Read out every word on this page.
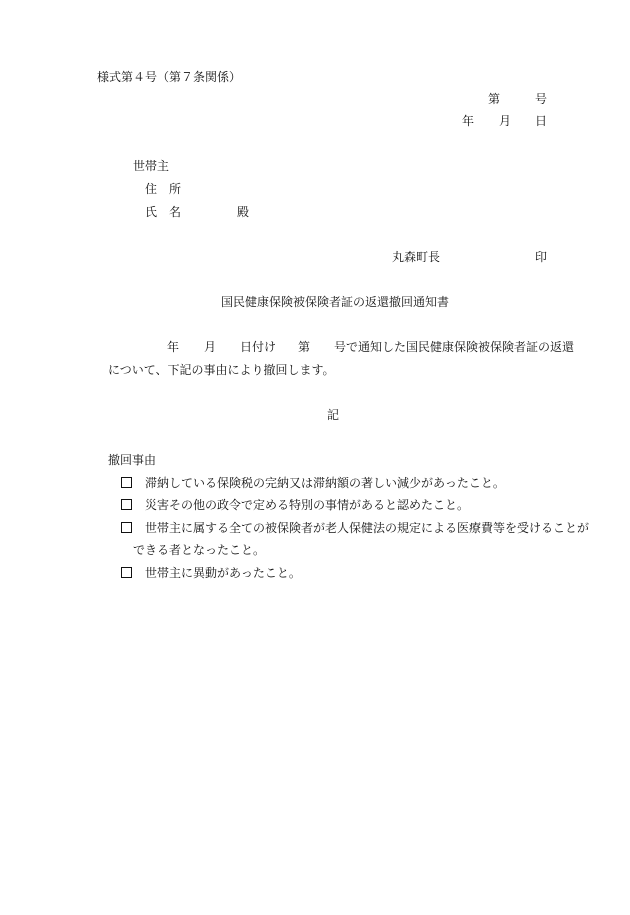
様式第４号（第７条関係）
第	号
年 月 日
世帯主
住　所
氏　名	殿
丸森町長	印
国民健康保険被保険者証の返還撤回通知書
年 月 日付け 第 号で通知した国民健康保険被保険者証の返還
について、下記の事由により撤回します。
記
撤回事由
滞納している保険税の完納又は滞納額の著しい減少があったこと。
災害その他の政令で定める特別の事情があると認めたこと。
世帯主に属する全ての被保険者が老人保健法の規定による医療費等を受けることが
できる者となったこと。
世帯主に異動があったこと。
